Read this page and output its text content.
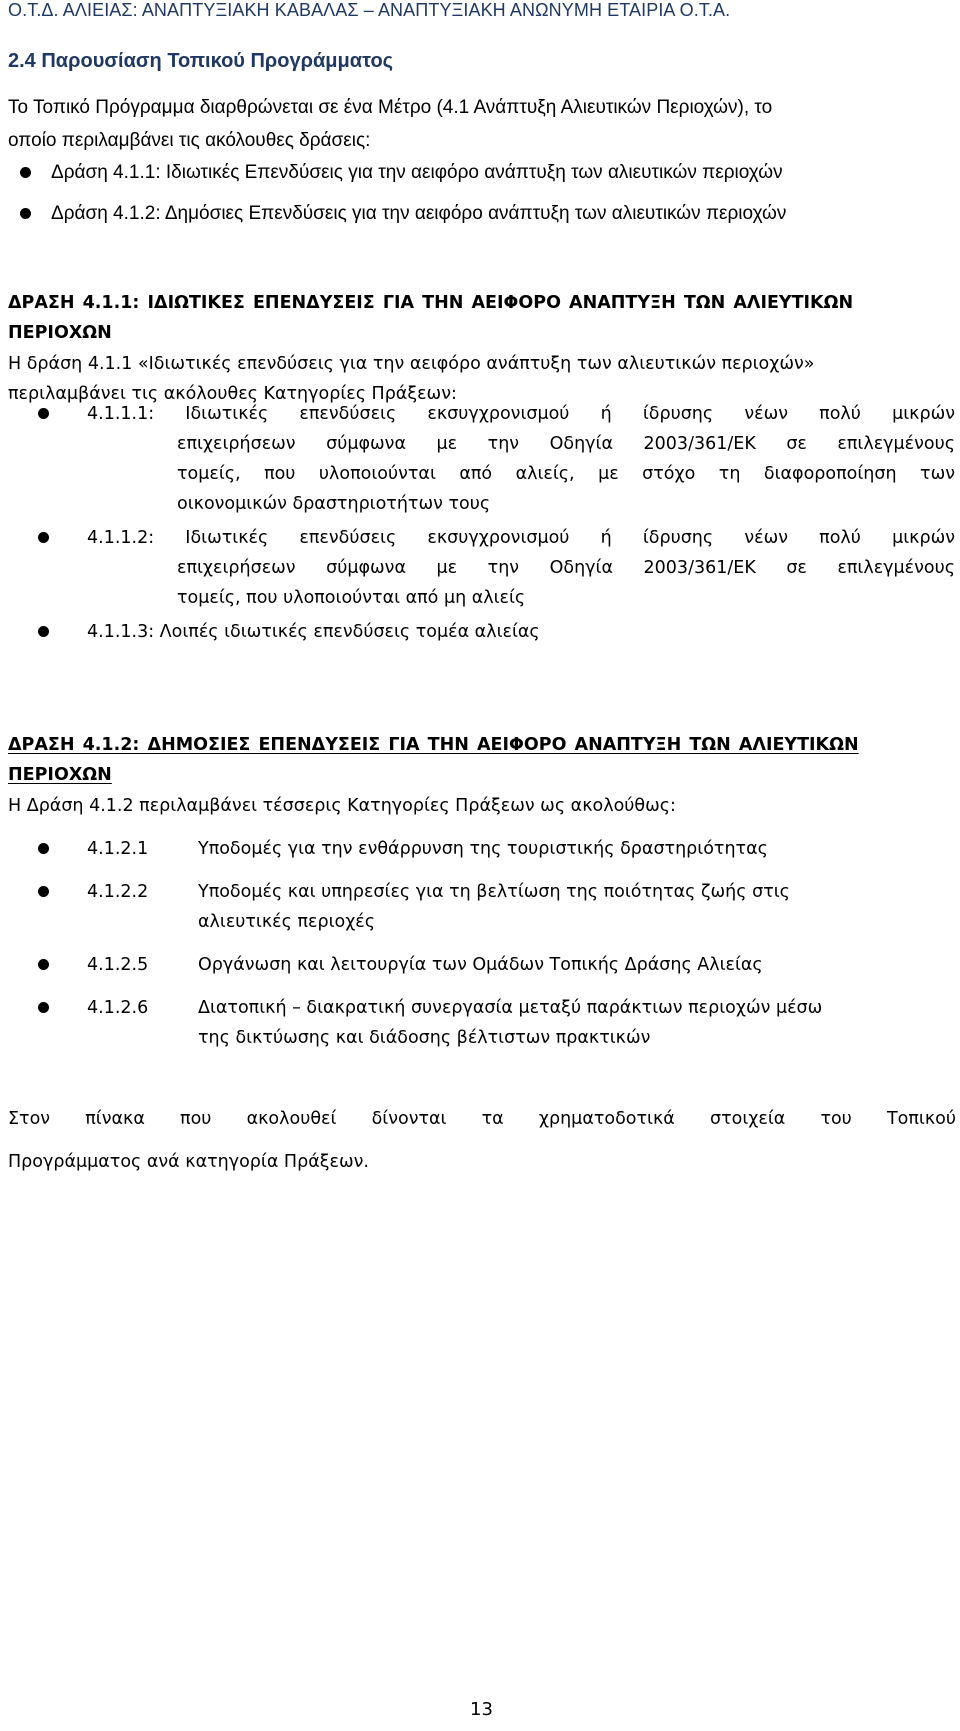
Ο.Τ.Δ. ΑΛΙΕΙΑΣ: ΑΝΑΠΤΥΞΙΑΚΗ ΚΑΒΑΛΑΣ – ΑΝΑΠΤΥΞΙΑΚΗ ΑΝΩΝΥΜΗ ΕΤΑΙΡΙΑ Ο.Τ.Α.
2.4 Παρουσίαση Τοπικού Προγράμματος
Το Τοπικό Πρόγραμμα διαρθρώνεται σε ένα Μέτρο (4.1 Ανάπτυξη Αλιευτικών Περιοχών), το
οποίο περιλαμβάνει τις ακόλουθες δράσεις:
Δράση 4.1.1: Ιδιωτικές Επενδύσεις για την αειφόρο ανάπτυξη των αλιευτικών περιοχών
Δράση 4.1.2: Δημόσιες Επενδύσεις για την αειφόρο ανάπτυξη των αλιευτικών περιοχών
ΔΡΑΣΗ 4.1.1: ΙΔΙΩΤΙΚΕΣ ΕΠΕΝΔΥΣΕΙΣ ΓΙΑ ΤΗΝ ΑΕΙΦΟΡΟ ΑΝΑΠΤΥΞΗ ΤΩΝ ΑΛΙΕΥΤΙΚΩΝ
ΠΕΡΙΟΧΩΝ
Η δράση 4.1.1 «Ιδιωτικές επενδύσεις για την αειφόρο ανάπτυξη των αλιευτικών περιοχών»
περιλαμβάνει τις ακόλουθες Κατηγορίες Πράξεων:
4.1.1.1: Ιδιωτικές επενδύσεις εκσυγχρονισμού ή ίδρυσης νέων πολύ μικρών
επιχειρήσεων σύμφωνα με την Οδηγία 2003/361/ΕΚ σε επιλεγμένους
τομείς, που υλοποιούνται από αλιείς, με στόχο τη διαφοροποίηση των
οικονομικών δραστηριοτήτων τους
4.1.1.2: Ιδιωτικές επενδύσεις εκσυγχρονισμού ή ίδρυσης νέων πολύ μικρών
επιχειρήσεων σύμφωνα με την Οδηγία 2003/361/ΕΚ σε επιλεγμένους
τομείς, που υλοποιούνται από μη αλιείς
4.1.1.3: Λοιπές ιδιωτικές επενδύσεις τομέα αλιείας
ΔΡΑΣΗ 4.1.2: ΔΗΜΟΣΙΕΣ ΕΠΕΝΔΥΣΕΙΣ ΓΙΑ ΤΗΝ ΑΕΙΦΟΡΟ ΑΝΑΠΤΥΞΗ ΤΩΝ ΑΛΙΕΥΤΙΚΩΝ
ΠΕΡΙΟΧΩΝ
Η Δράση 4.1.2 περιλαμβάνει τέσσερις Κατηγορίες Πράξεων ως ακολούθως:
4.1.2.1	Υποδομές για την ενθάρρυνση της τουριστικής δραστηριότητας
4.1.2.2	Υποδομές και υπηρεσίες για τη βελτίωση της ποιότητας ζωής στις
αλιευτικές περιοχές
4.1.2.5	Οργάνωση και λειτουργία των Ομάδων Τοπικής Δράσης Αλιείας
4.1.2.6	Διατοπική – διακρατική συνεργασία μεταξύ παράκτιων περιοχών μέσω
της δικτύωσης και διάδοσης βέλτιστων πρακτικών
Στον πίνακα που ακολουθεί δίνονται τα χρηματοδοτικά στοιχεία του Τοπικού
Προγράμματος ανά κατηγορία Πράξεων.
13
